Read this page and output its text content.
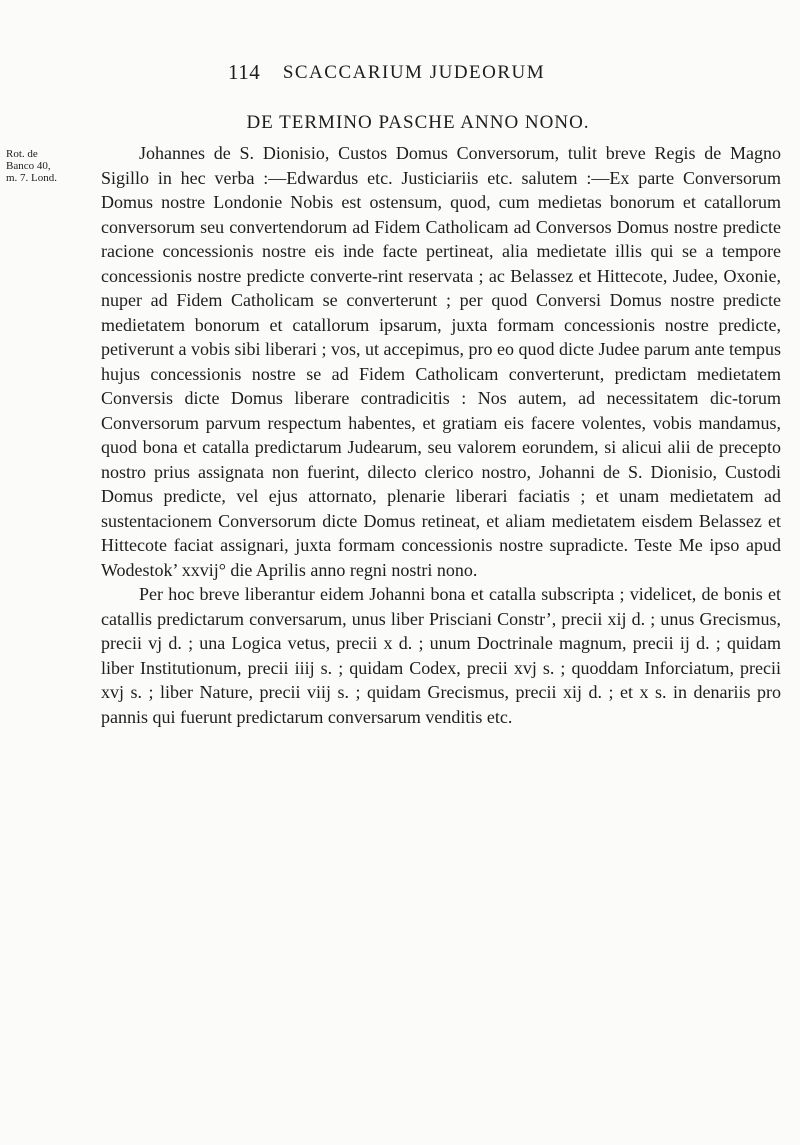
114	SCACCARIUM JUDEORUM
DE TERMINO PASCHE ANNO NONO.
Rot. de
Banco 40,
m. 7. Lond.

Johannes de S. Dionisio, Custos Domus Conversorum, tulit breve Regis de Magno Sigillo in hec verba :—Edwardus etc. Justiciariis etc. salutem :—Ex parte Conversorum Domus nostre Londonie Nobis est ostensum, quod, cum medietas bonorum et catallorum conversorum seu convertendorum ad Fidem Catholicam ad Conversos Domus nostre predicte racione concessionis nostre eis inde facte pertineat, alia medietate illis qui se a tempore concessionis nostre predicte converte-rint reservata ; ac Belassez et Hittecote, Judee, Oxonie, nuper ad Fidem Catholicam se converterunt ; per quod Conversi Domus nostre predicte medietatem bonorum et catallorum ipsarum, juxta formam concessionis nostre predicte, petiverunt a vobis sibi liberari ; vos, ut accepimus, pro eo quod dicte Judee parum ante tempus hujus concessionis nostre se ad Fidem Catholicam converterunt, predictam medietatem Conversis dicte Domus liberare contradicitis : Nos autem, ad necessitatem dic-torum Conversorum parvum respectum habentes, et gratiam eis facere volentes, vobis mandamus, quod bona et catalla predictarum Judearum, seu valorem eorundem, si alicui alii de precepto nostro prius assignata non fuerint, dilecto clerico nostro, Johanni de S. Dionisio, Custodi Domus predicte, vel ejus attornato, plenarie liberari faciatis ; et unam medietatem ad sustentacionem Conversorum dicte Domus retineat, et aliam medietatem eisdem Belassez et Hittecote faciat assignari, juxta formam concessionis nostre supradicte. Teste Me ipso apud Wodestok’ xxvij° die Aprilis anno regni nostri nono.

Per hoc breve liberantur eidem Johanni bona et catalla subscripta ; videlicet, de bonis et catallis predictarum conversarum, unus liber Prisciani Constr’, precii xij d. ; unus Grecismus, precii vj d. ; una Logica vetus, precii x d. ; unum Doctrinale magnum, precii ij d. ; quidam liber Institutionum, precii iiij s. ; quidam Codex, precii xvj s. ; quoddam Inforciatum, precii xvj s. ; liber Nature, precii viij s. ; quidam Grecismus, precii xij d. ; et x s. in denariis pro pannis qui fuerunt predictarum conversarum venditis etc.
